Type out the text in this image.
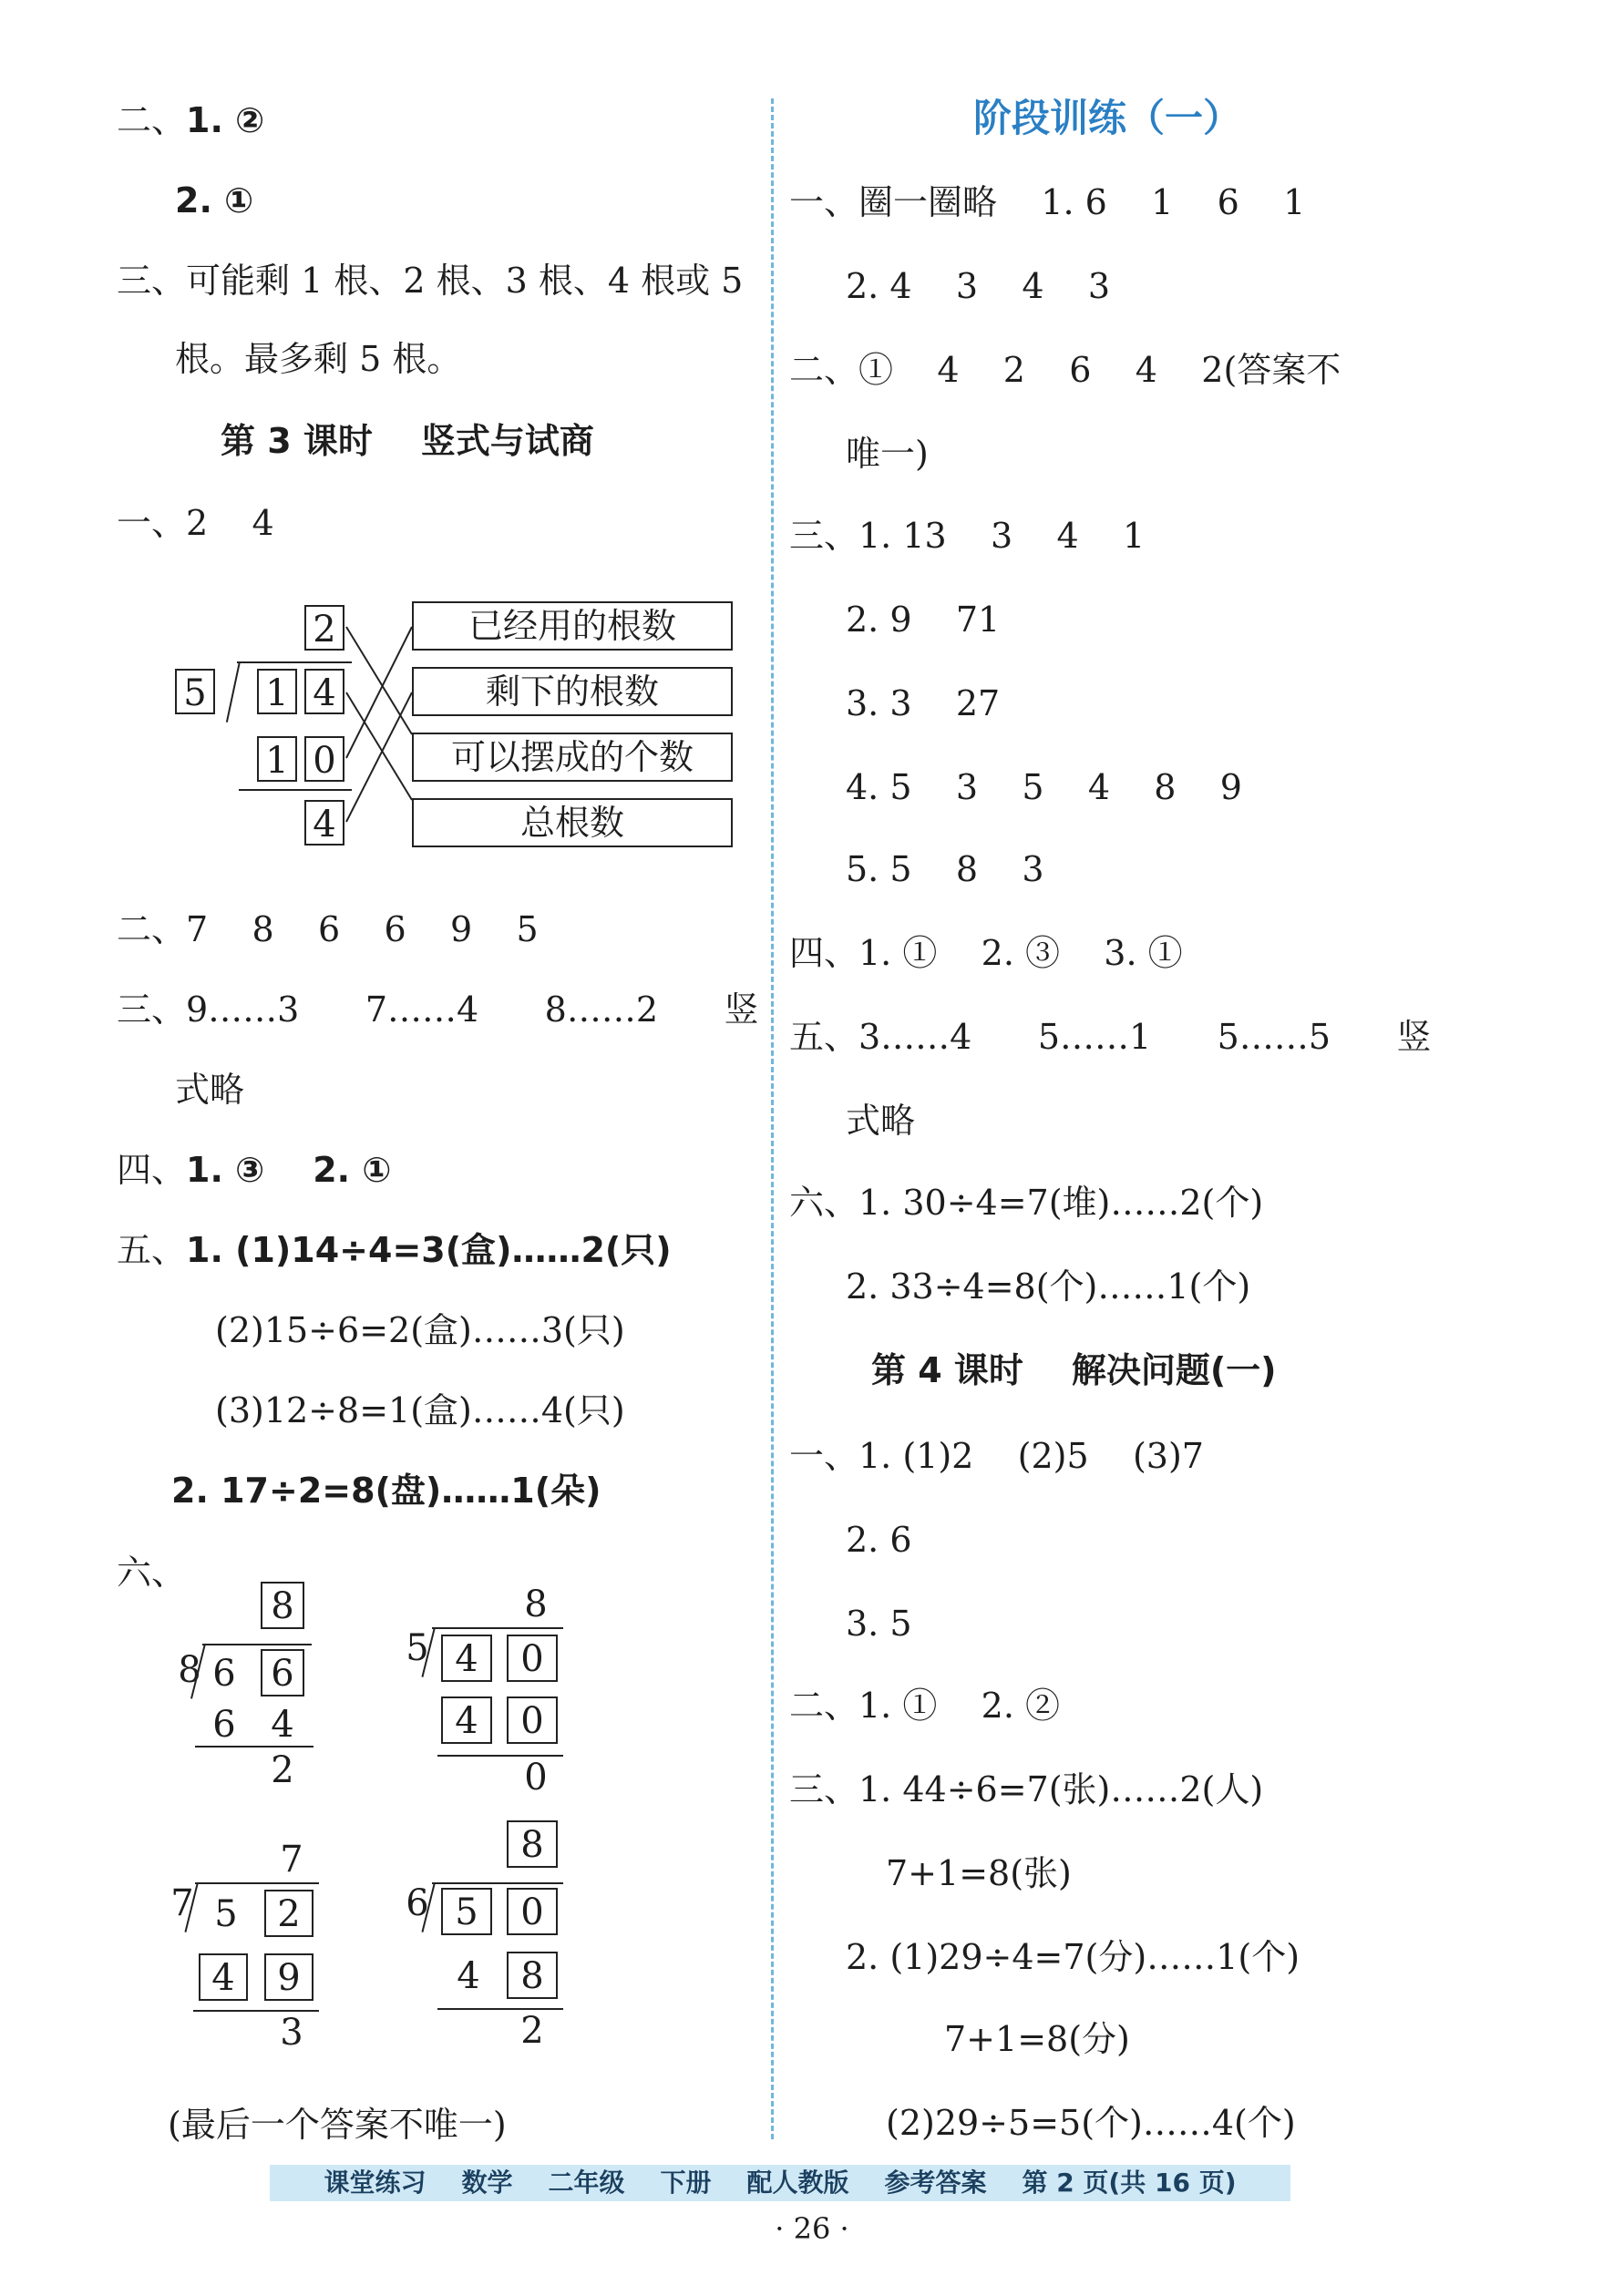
二、1. ②
2. ①
三、可能剩 1 根、2 根、3 根、4 根或 5
根。最多剩 5 根。
第 3 课时    竖式与试商
一、2    4
2
5 1 4
1 0
4
已经用的根数
剩下的根数
可以摆成的个数
总根数
二、7    8    6    6    9    5
三、9……3      7……4      8……2      竖
式略
四、1. ③    2. ①
五、1. (1)14÷4=3(盒)……2(只)
(2)15÷6=2(盒)……3(只)
(3)12÷8=1(盒)……4(只)
2. 17÷2=8(盘)……1(朵)
六、
8
8 6 6
6 4
2
8
5 4	0
4	0
0
7
7 5	2
4	9
3
8
6 5	0
4	8
2
(最后一个答案不唯一)
阶段训练（一）
一、圈一圈略    1. 6    1    6    1
2. 4    3    4    3
二、①    4    2    6    4    2(答案不
唯一)
三、1. 13    3    4    1
2. 9    71
3. 3    27
4. 5    3    5    4    8    9
5. 5    8    3
四、1. ①    2. ③    3. ①
五、3……4      5……1      5……5      竖
式略
六、1. 30÷4=7(堆)……2(个)
2. 33÷4=8(个)……1(个)
第 4 课时    解决问题(一)
一、1. (1)2    (2)5    (3)7
2. 6
3. 5
二、1. ①    2. ②
三、1. 44÷6=7(张)……2(人)
7+1=8(张)
2. (1)29÷4=7(分)……1(个)
7+1=8(分)
(2)29÷5=5(个)……4(个)
课堂练习    数学    二年级    下册    配人教版    参考答案    第 2 页(共 16 页)
· 26 ·
